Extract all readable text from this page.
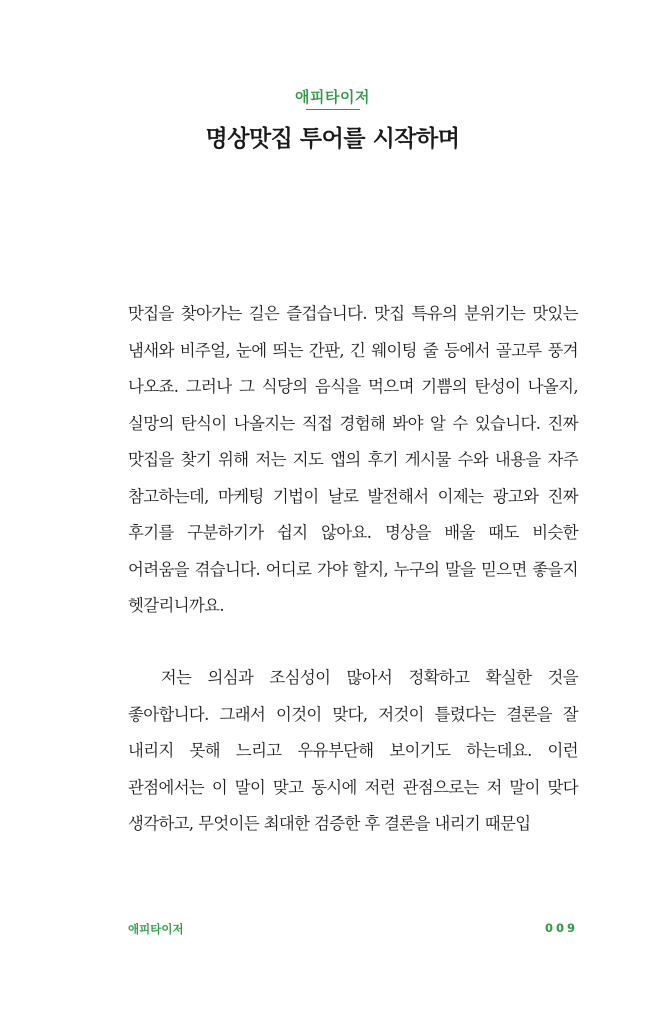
애피타이저
명상맛집 투어를 시작하며

맛집을 찾아가는 길은 즐겁습니다. 맛집 특유의 분위기는 맛있는 냄새와 비주얼, 눈에 띄는 간판, 긴 웨이팅 줄 등에서 골고루 풍겨 나오죠. 그러나 그 식당의 음식을 먹으며 기쁨의 탄성이 나올지, 실망의 탄식이 나올지는 직접 경험해 봐야 알 수 있습니다. 진짜 맛집을 찾기 위해 저는 지도 앱의 후기 게시물 수와 내용을 자주 참고하는데, 마케팅 기법이 날로 발전해서 이제는 광고와 진짜 후기를 구분하기가 쉽지 않아요. 명상을 배울 때도 비슷한 어려움을 겪습니다. 어디로 가야 할지, 누구의 말을 믿으면 좋을지 헷갈리니까요.

저는 의심과 조심성이 많아서 정확하고 확실한 것을 좋아합니다. 그래서 이것이 맞다, 저것이 틀렸다는 결론을 잘 내리지 못해 느리고 우유부단해 보이기도 하는데요. 이런 관점에서는 이 말이 맞고 동시에 저런 관점으로는 저 말이 맞다 생각하고, 무엇이든 최대한 검증한 후 결론을 내리기 때문입

애피타이저	009
